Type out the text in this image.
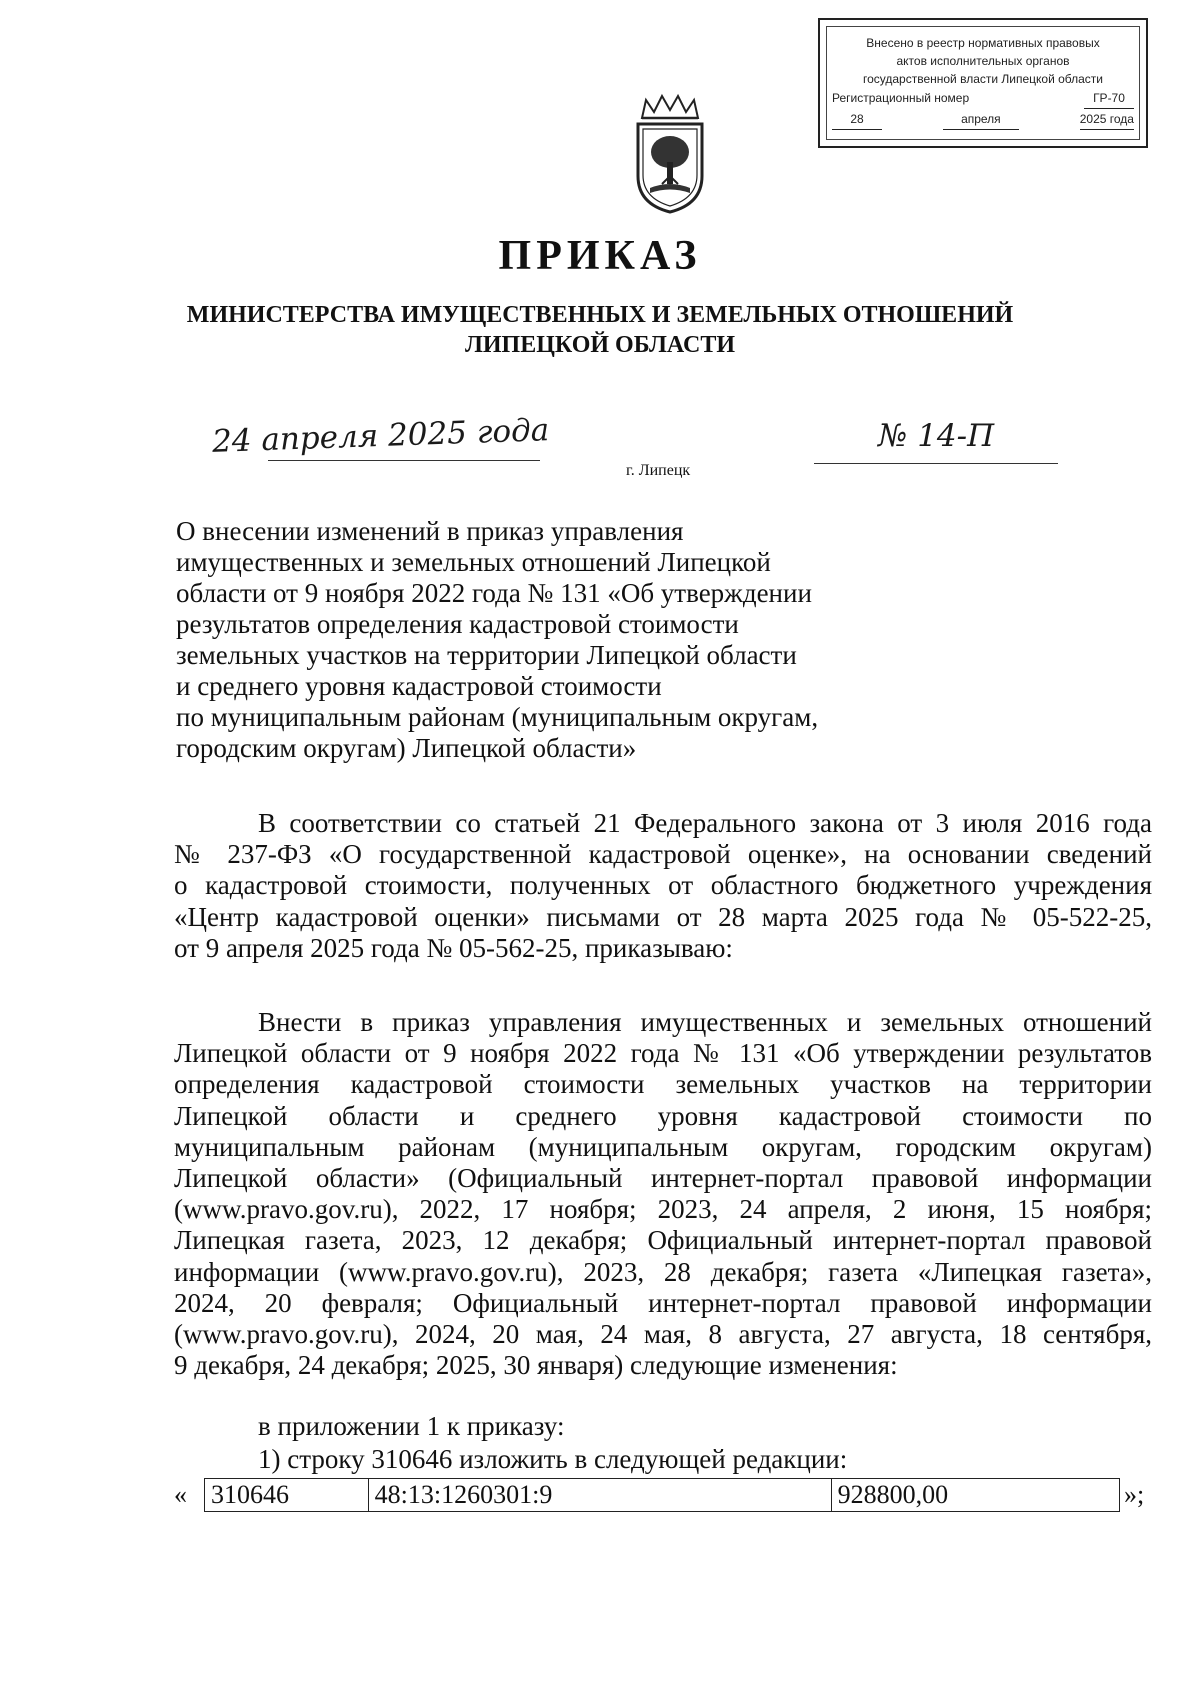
Внесено в реестр нормативных правовых
актов исполнительных органов
государственной власти Липецкой области
Регистрационный номер	ГР-70
28	апреля	2025 года
ПРИКАЗ
МИНИСТЕРСТВА ИМУЩЕСТВЕННЫХ И ЗЕМЕЛЬНЫХ ОТНОШЕНИЙ
ЛИПЕЦКОЙ ОБЛАСТИ
24 апреля 2025 года	№ 14-П
г. Липецк
О внесении изменений в приказ управления
имущественных и земельных отношений Липецкой
области от 9 ноября 2022 года № 131 «Об утверждении
результатов определения кадастровой стоимости
земельных участков на территории Липецкой области
и среднего уровня кадастровой стоимости
по муниципальным районам (муниципальным округам,
городским округам) Липецкой области»
В соответствии со статьей 21 Федерального закона от 3 июля 2016 года
№ 237-ФЗ «О государственной кадастровой оценке», на основании сведений
о кадастровой стоимости, полученных от областного бюджетного учреждения
«Центр кадастровой оценки» письмами от 28 марта 2025 года № 05-522-25,
от 9 апреля 2025 года № 05-562-25, приказываю:
Внести в приказ управления имущественных и земельных отношений
Липецкой области от 9 ноября 2022 года № 131 «Об утверждении результатов
определения кадастровой стоимости земельных участков на территории
Липецкой области и среднего уровня кадастровой стоимости по
муниципальным районам (муниципальным округам, городским округам)
Липецкой области» (Официальный интернет-портал правовой информации
(www.pravo.gov.ru), 2022, 17 ноября; 2023, 24 апреля, 2 июня, 15 ноября;
Липецкая газета, 2023, 12 декабря; Официальный интернет-портал правовой
информации (www.pravo.gov.ru), 2023, 28 декабря; газета «Липецкая газета»,
2024, 20 февраля; Официальный интернет-портал правовой информации
(www.pravo.gov.ru), 2024, 20 мая, 24 мая, 8 августа, 27 августа, 18 сентября,
9 декабря, 24 декабря; 2025, 30 января) следующие изменения:
в приложении 1 к приказу:
1) строку 310646 изложить в следующей редакции:
« 310646	48:13:1260301:9	928800,00	»;
